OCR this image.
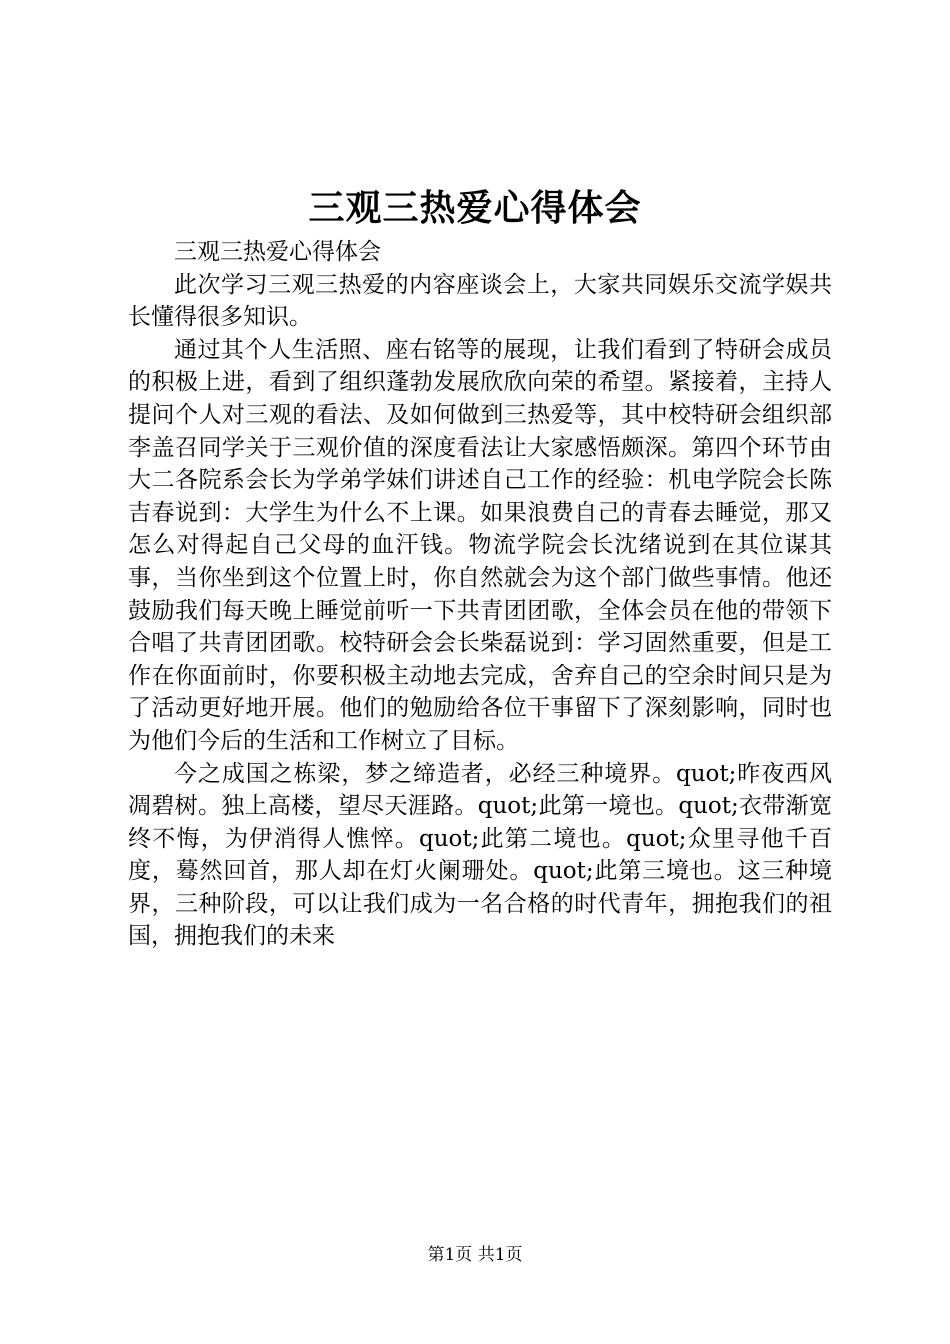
三观三热爱心得体会

三观三热爱心得体会

此次学习三观三热爱的内容座谈会上，大家共同娱乐交流学娱共长懂得很多知识。

通过其个人生活照、座右铭等的展现，让我们看到了特研会成员的积极上进，看到了组织蓬勃发展欣欣向荣的希望。紧接着，主持人提问个人对三观的看法、及如何做到三热爱等，其中校特研会组织部李盖召同学关于三观价值的深度看法让大家感悟颇深。第四个环节由大二各院系会长为学弟学妹们讲述自己工作的经验：机电学院会长陈吉春说到：大学生为什么不上课。如果浪费自己的青春去睡觉，那又怎么对得起自己父母的血汗钱。物流学院会长沈绪说到在其位谋其事，当你坐到这个位置上时，你自然就会为这个部门做些事情。他还鼓励我们每天晚上睡觉前听一下共青团团歌，全体会员在他的带领下合唱了共青团团歌。校特研会会长柴磊说到：学习固然重要，但是工作在你面前时，你要积极主动地去完成，舍弃自己的空余时间只是为了活动更好地开展。他们的勉励给各位干事留下了深刻影响，同时也为他们今后的生活和工作树立了目标。

今之成国之栋梁，梦之缔造者，必经三种境界。quot;昨夜西风凋碧树。独上高楼，望尽天涯路。quot;此第一境也。quot;衣带渐宽终不悔，为伊消得人憔悴。quot;此第二境也。quot;众里寻他千百度，蓦然回首，那人却在灯火阑珊处。quot;此第三境也。这三种境界，三种阶段，可以让我们成为一名合格的时代青年，拥抱我们的祖国，拥抱我们的未来

第1页 共1页
